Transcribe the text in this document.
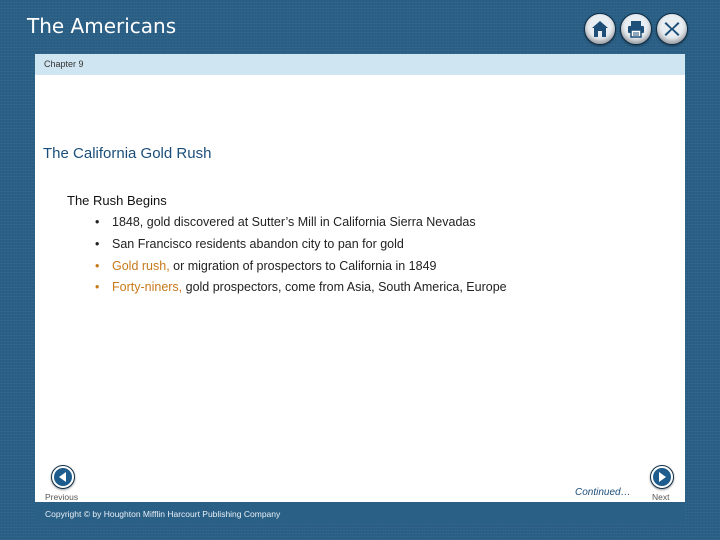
The Americans
Chapter 9
The California Gold Rush
The Rush Begins
• 1848, gold discovered at Sutter’s Mill in California Sierra Nevadas
• San Francisco residents abandon city to pan for gold
• Gold rush, or migration of prospectors to California in 1849
• Forty-niners, gold prospectors, come from Asia, South America, Europe
Previous	Continued…	Next
Copyright © by Houghton Mifflin Harcourt Publishing Company
